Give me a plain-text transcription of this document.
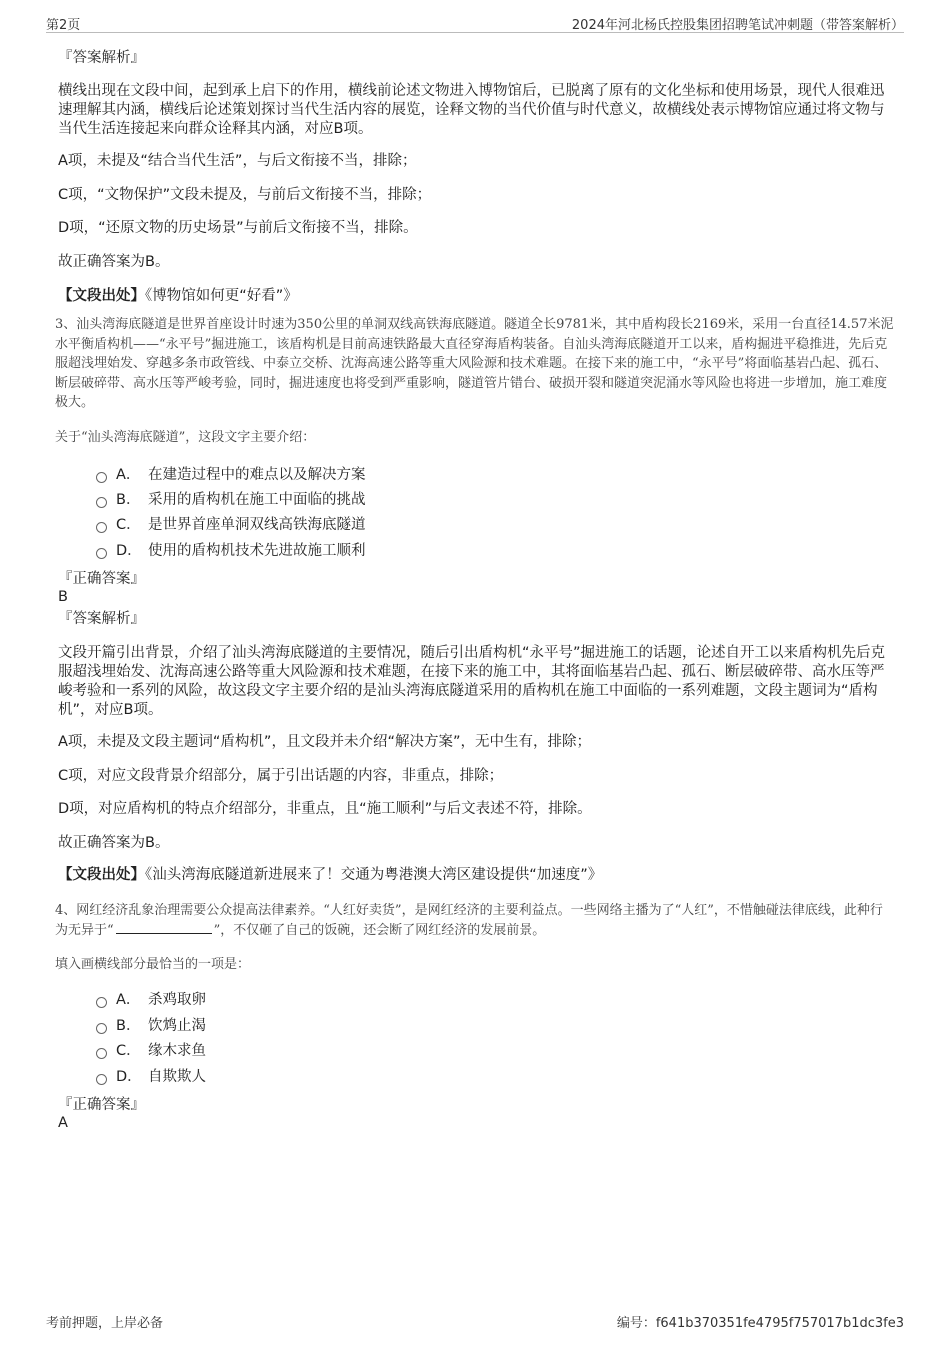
第2页	2024年河北杨氏控股集团招聘笔试冲刺题（带答案解析）

『答案解析』

横线出现在文段中间，起到承上启下的作用，横线前论述文物进入博物馆后，已脱离了原有的文化坐标和使用场景，现代人很难迅速理解其内涵，横线后论述策划探讨当代生活内容的展览，诠释文物的当代价值与时代意义，故横线处表示博物馆应通过将文物与当代生活连接起来向群众诠释其内涵，对应B项。

A项，未提及“结合当代生活”，与后文衔接不当，排除；

C项，“文物保护”文段未提及，与前后文衔接不当，排除；

D项，“还原文物的历史场景”与前后文衔接不当，排除。

故正确答案为B。

【文段出处】《博物馆如何更“好看”》

3、汕头湾海底隧道是世界首座设计时速为350公里的单洞双线高铁海底隧道。隧道全长9781米，其中盾构段长2169米，采用一台直径14.57米泥水平衡盾构机——“永平号”掘进施工，该盾构机是目前高速铁路最大直径穿海盾构装备。自汕头湾海底隧道开工以来，盾构掘进平稳推进，先后克服超浅埋始发、穿越多条市政管线、中泰立交桥、沈海高速公路等重大风险源和技术难题。在接下来的施工中，“永平号”将面临基岩凸起、孤石、断层破碎带、高水压等严峻考验，同时，掘进速度也将受到严重影响，隧道管片错台、破损开裂和隧道突泥涌水等风险也将进一步增加，施工难度极大。

关于“汕头湾海底隧道”，这段文字主要介绍：

A． 在建造过程中的难点以及解决方案
B． 采用的盾构机在施工中面临的挑战
C． 是世界首座单洞双线高铁海底隧道
D． 使用的盾构机技术先进故施工顺利

『正确答案』

B

『答案解析』

文段开篇引出背景，介绍了汕头湾海底隧道的主要情况，随后引出盾构机“永平号”掘进施工的话题，论述自开工以来盾构机先后克服超浅埋始发、沈海高速公路等重大风险源和技术难题，在接下来的施工中，其将面临基岩凸起、孤石、断层破碎带、高水压等严峻考验和一系列的风险，故这段文字主要介绍的是汕头湾海底隧道采用的盾构机在施工中面临的一系列难题，文段主题词为“盾构机”，对应B项。

A项，未提及文段主题词“盾构机”，且文段并未介绍“解决方案”，无中生有，排除；

C项，对应文段背景介绍部分，属于引出话题的内容，非重点，排除；

D项，对应盾构机的特点介绍部分，非重点，且“施工顺利”与后文表述不符，排除。

故正确答案为B。

【文段出处】《汕头湾海底隧道新进展来了！交通为粤港澳大湾区建设提供“加速度”》

4、网红经济乱象治理需要公众提高法律素养。“人红好卖货”，是网红经济的主要利益点。一些网络主播为了“人红”，不惜触碰法律底线，此种行为无异于“	”，不仅砸了自己的饭碗，还会断了网红经济的发展前景。

填入画横线部分最恰当的一项是：

A． 杀鸡取卵
B． 饮鸩止渴
C． 缘木求鱼
D． 自欺欺人

『正确答案』

A

考前押题，上岸必备	编号：f641b370351fe4795f757017b1dc3fe3
